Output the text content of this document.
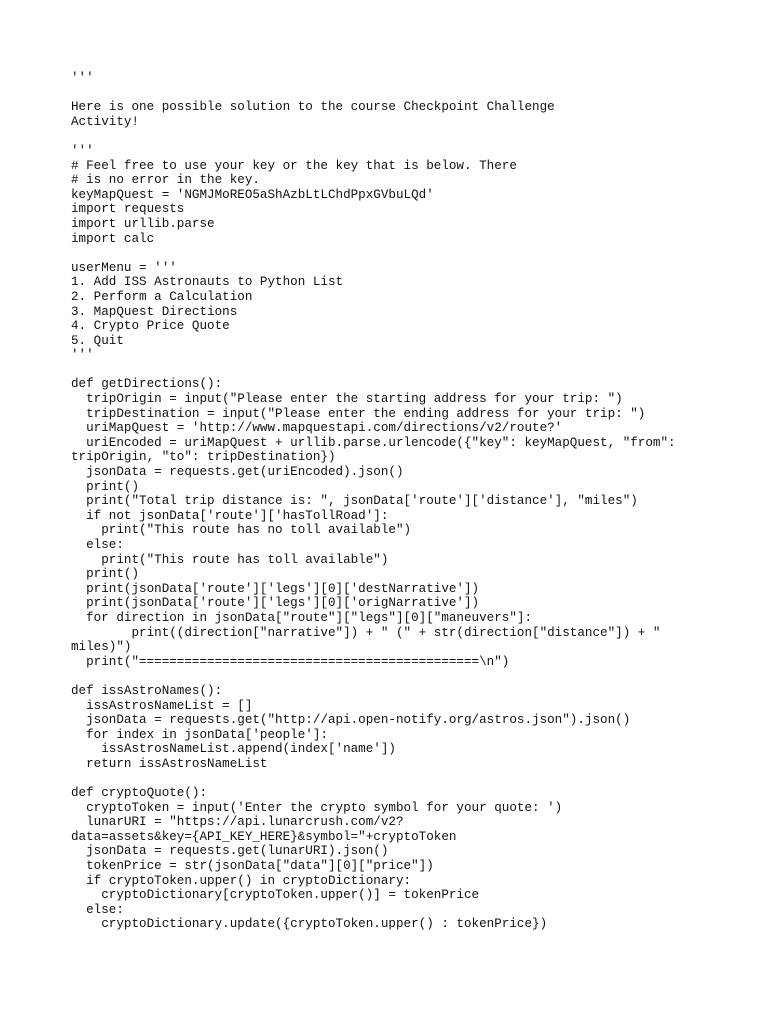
'''

Here is one possible solution to the course Checkpoint Challenge
Activity!

'''
# Feel free to use your key or the key that is below. There
# is no error in the key.
keyMapQuest = 'NGMJMoREO5aShAzbLtLChdPpxGVbuLQd'
import requests
import urllib.parse
import calc

userMenu = '''
1. Add ISS Astronauts to Python List
2. Perform a Calculation
3. MapQuest Directions
4. Crypto Price Quote
5. Quit
'''

def getDirections():
tripOrigin = input("Please enter the starting address for your trip: ")
tripDestination = input("Please enter the ending address for your trip: ")
uriMapQuest = 'http://www.mapquestapi.com/directions/v2/route?'
uriEncoded = uriMapQuest + urllib.parse.urlencode({"key": keyMapQuest, "from":
tripOrigin, "to": tripDestination})
jsonData = requests.get(uriEncoded).json()
print()
print("Total trip distance is: ", jsonData['route']['distance'], "miles")
if not jsonData['route']['hasTollRoad']:
print("This route has no toll available")
else:
print("This route has toll available")
print()
print(jsonData['route']['legs'][0]['destNarrative'])
print(jsonData['route']['legs'][0]['origNarrative'])
for direction in jsonData["route"]["legs"][0]["maneuvers"]:
print((direction["narrative"]) + " (" + str(direction["distance"]) + "
miles)")
print("=============================================\n")

def issAstroNames():
issAstrosNameList = []
jsonData = requests.get("http://api.open-notify.org/astros.json").json()
for index in jsonData['people']:
issAstrosNameList.append(index['name'])
return issAstrosNameList

def cryptoQuote():
cryptoToken = input('Enter the crypto symbol for your quote: ')
lunarURI = "https://api.lunarcrush.com/v2?
data=assets&key={API_KEY_HERE}&symbol="+cryptoToken
jsonData = requests.get(lunarURI).json()
tokenPrice = str(jsonData["data"][0]["price"])
if cryptoToken.upper() in cryptoDictionary:
cryptoDictionary[cryptoToken.upper()] = tokenPrice
else:
cryptoDictionary.update({cryptoToken.upper() : tokenPrice})
